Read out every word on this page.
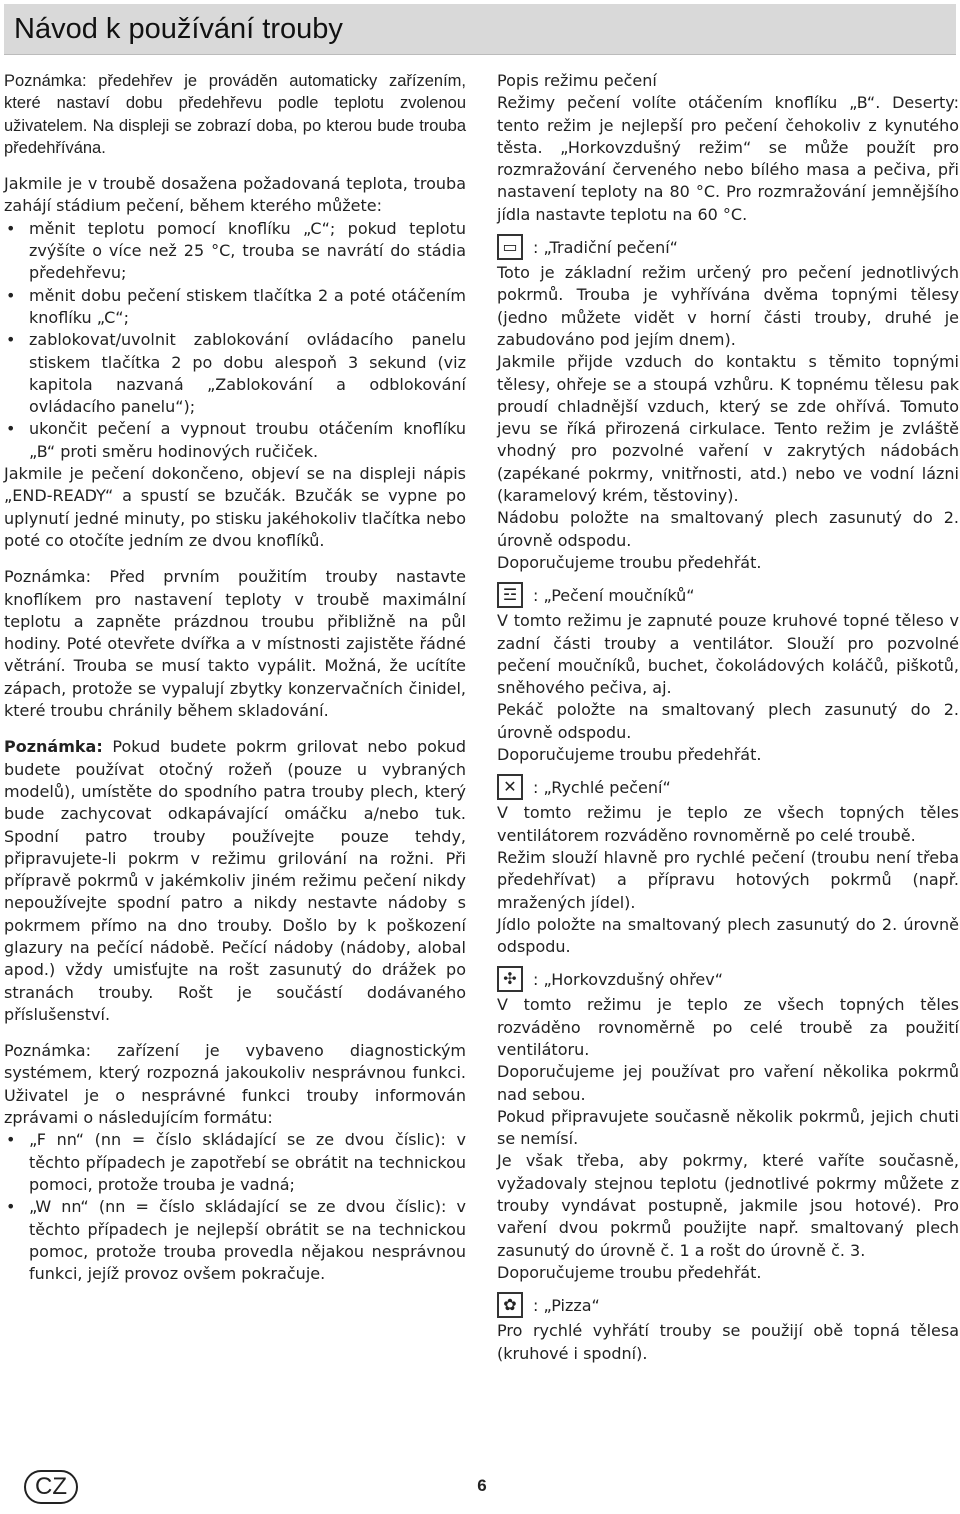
Návod k používání trouby

Poznámka: předehřev je prováděn automaticky zařízením, které nastaví dobu předehřevu podle teplotu zvolenou uživatelem. Na displeji se zobrazí doba, po kterou bude trouba předehřívána.

Jakmile je v troubě dosažena požadovaná teplota, trouba zahájí stádium pečení, během kterého můžete:

• měnit teplotu pomocí knoflíku „C“; pokud teplotu zvýšíte o více než 25 °C, trouba se navrátí do stádia předehřevu;
• měnit dobu pečení stiskem tlačítka 2 a poté otáčením knoflíku „C“;
• zablokovat/uvolnit zablokování ovládacího panelu stiskem tlačítka 2 po dobu alespoň 3 sekund (viz kapitola nazvaná „Zablokování a odblokování ovládacího panelu“);
• ukončit pečení a vypnout troubu otáčením knoflíku „B“ proti směru hodinových ručiček.

Jakmile je pečení dokončeno, objeví se na displeji nápis „END-READY“ a spustí se bzučák. Bzučák se vypne po uplynutí jedné minuty, po stisku jakéhokoliv tlačítka nebo poté co otočíte jedním ze dvou knoflíků.

Poznámka: Před prvním použitím trouby nastavte knoflíkem pro nastavení teploty v troubě maximální teplotu a zapněte prázdnou troubu přibližně na půl hodiny. Poté otevřete dvířka a v místnosti zajistěte řádné větrání. Trouba se musí takto vypálit. Možná, že ucítíte zápach, protože se vypalují zbytky konzervačních činidel, které troubu chránily během skladování.

Poznámka: Pokud budete pokrm grilovat nebo pokud budete používat otočný rožeň (pouze u vybraných modelů), umístěte do spodního patra trouby plech, který bude zachycovat odkapávající omáčku a/nebo tuk. Spodní patro trouby používejte pouze tehdy, připravujete-li pokrm v režimu grilování na rožni. Při přípravě pokrmů v jakémkoliv jiném režimu pečení nikdy nepoužívejte spodní patro a nikdy nestavte nádoby s pokrmem přímo na dno trouby. Došlo by k poškození glazury na pečící nádobě. Pečící nádoby (nádoby, alobal apod.) vždy umisťujte na rošt zasunutý do drážek po stranách trouby. Rošt je součástí dodávaného příslušenství.

Poznámka: zařízení je vybaveno diagnostickým systémem, který rozpozná jakoukoliv nesprávnou funkci. Uživatel je o nesprávné funkci trouby informován zprávami o následujícím formátu:

• „F nn“ (nn = číslo skládající se ze dvou číslic): v těchto případech je zapotřebí se obrátit na technickou pomoci, protože trouba je vadná;
• „W nn“ (nn = číslo skládající se ze dvou číslic): v těchto případech je nejlepší obrátit se na technickou pomoc, protože trouba provedla nějakou nesprávnou funkci, jejíž provoz ovšem pokračuje.

Popis režimu pečení

Režimy pečení volíte otáčením knoflíku „B“. Deserty: tento režim je nejlepší pro pečení čehokoliv z kynutého těsta. „Horkovzdušný režim“ se může použít pro rozmražování červeného nebo bílého masa a pečiva, při nastavení teploty na 80 °C. Pro rozmražování jemnějšího jídla nastavte teplotu na 60 °C.

▭ : „Tradiční pečení“

Toto je základní režim určený pro pečení jednotlivých pokrmů. Trouba je vyhřívána dvěma topnými tělesy (jedno můžete vidět v horní části trouby, druhé je zabudováno pod jejím dnem).

Jakmile přijde vzduch do kontaktu s těmito topnými tělesy, ohřeje se a stoupá vzhůru. K topnému tělesu pak proudí chladnější vzduch, který se zde ohřívá. Tomuto jevu se říká přirozená cirkulace. Tento režim je zvláště vhodný pro pozvolné vaření v zakrytých nádobách (zapékané pokrmy, vnitřnosti, atd.) nebo ve vodní lázni (karamelový krém, těstoviny).

Nádobu položte na smaltovaný plech zasunutý do 2. úrovně odspodu.

Doporučujeme troubu předehřát.

☲ : „Pečení moučníků“

V tomto režimu je zapnuté pouze kruhové topné těleso v zadní části trouby a ventilátor. Slouží pro pozvolné pečení moučníků, buchet, čokoládových koláčů, piškotů, sněhového pečiva, aj.

Pekáč položte na smaltovaný plech zasunutý do 2. úrovně odspodu.

Doporučujeme troubu předehřát.

✕	: „Rychlé pečení“

V tomto režimu je teplo ze všech topných těles ventilátorem rozváděno rovnoměrně po celé troubě.

Režim slouží hlavně pro rychlé pečení (troubu není třeba předehřívat) a přípravu hotových pokrmů (např. mražených jídel).

Jídlo položte na smaltovaný plech zasunutý do 2. úrovně odspodu.

✣	: „Horkovzdušný ohřev“

V tomto režimu je teplo ze všech topných těles rozváděno rovnoměrně po celé troubě za použití ventilátoru.

Doporučujeme jej používat pro vaření několika pokrmů nad sebou.

Pokud připravujete současně několik pokrmů, jejich chuti se nemísí.

Je však třeba, aby pokrmy, které vaříte současně, vyžadovaly stejnou teplotu (jednotlivé pokrmy můžete z trouby vyndávat postupně, jakmile jsou hotové). Pro vaření dvou pokrmů použijte např. smaltovaný plech zasunutý do úrovně č. 1 a rošt do úrovně č. 3.

Doporučujeme troubu předehřát.

✿	: „Pizza“

Pro rychlé vyhřátí trouby se použijí obě topná tělesa (kruhové i spodní).

CZ	6
